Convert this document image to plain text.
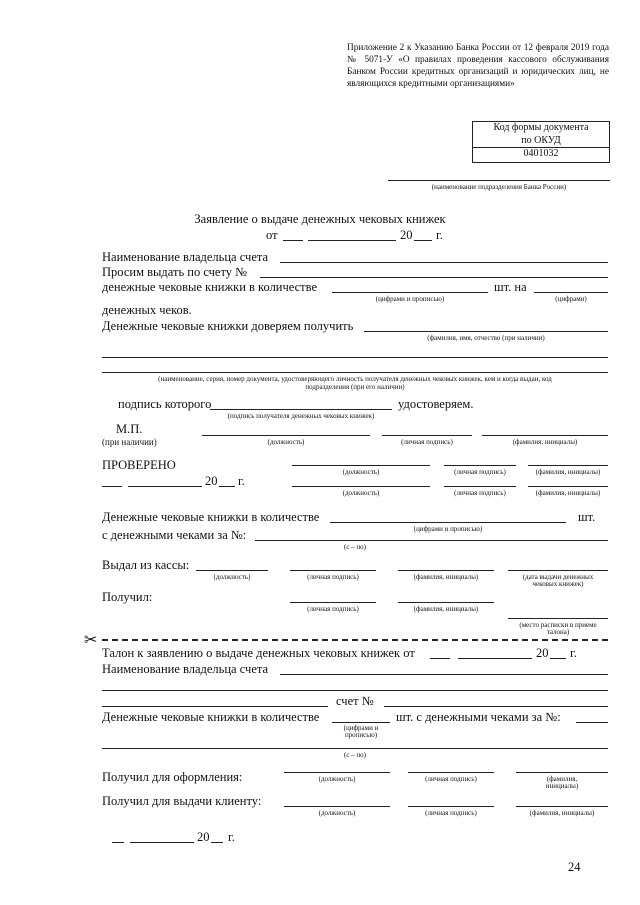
Приложение 2 к Указанию Банка России от 12 февраля 2019 года № 5071-У «О правилах проведения кассового обслуживания Банком России кредитных организаций и юридических лиц, не являющихся кредитными организациями»
Код формы документа
по ОКУД
0401032
(наименование подразделения Банка России)
Заявление о выдаче денежных чековых книжек
от	20 г.
Наименование владельца счета
Просим выдать по счету №
денежные чековые книжки в количестве
(цифрами и прописью)
шт. на
(цифрами)
денежных чеков.
Денежные чековые книжки доверяем получить
(фамилия, имя, отчество (при наличии)
(наименование, серия, номер документа, удостоверяющего личность получателя денежных чековых книжек, кем и когда выдан, код
подразделения (при его наличии)
подпись которого
(подпись получателя денежных чековых книжек)
удостоверяем.
М.П.
(при наличии)	(должность)	(личная подпись)	(фамилия, инициалы)
ПРОВЕРЕНО	(должность)	(личная подпись)	(фамилия, инициалы)
20 г.
(должность)	(личная подпись)	(фамилия, инициалы)
Денежные чековые книжки в количестве
(цифрами и прописью)
шт.
с денежными чеками за №:
(с – по)
Выдал из кассы:
(должность)	(личная подпись)	(фамилия, инициалы)	(дата выдачи денежных
чековых книжек)
Получил:
(личная подпись)	(фамилия, инициалы)
(место расписки в приеме
талона)
✂
Талон к заявлению о выдаче денежных чековых книжек от	20 г.
Наименование владельца счета
счет №
Денежные чековые книжки в количестве
(цифрами и
прописью)
шт. с денежными чеками за №:
(с – по)
Получил для оформления:	(должность)	(личная подпись)	(фамилия,
инициалы)
Получил для выдачи клиенту:
(должность)	(личная подпись)	(фамилия, инициалы)
20 г.
24
